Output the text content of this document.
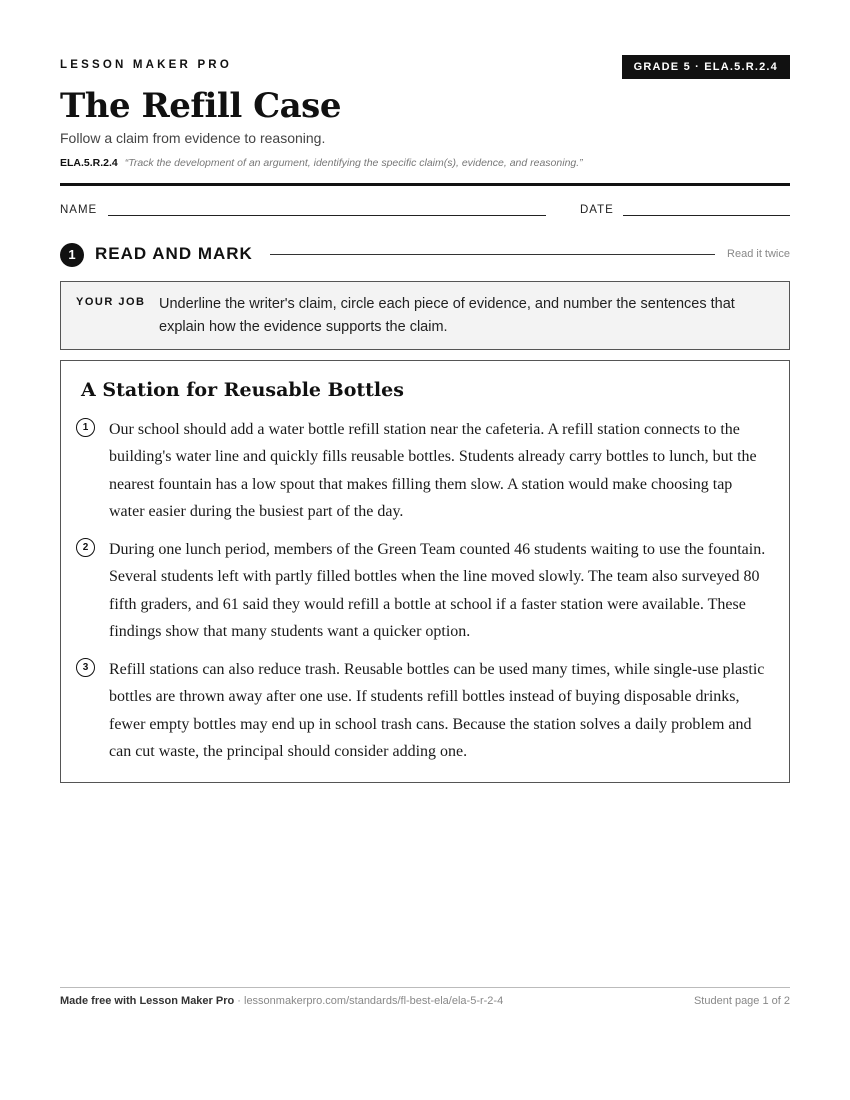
LESSON MAKER PRO	GRADE 5 · ELA.5.R.2.4
The Refill Case
Follow a claim from evidence to reasoning.
ELA.5.R.2.4 “Track the development of an argument, identifying the specific claim(s), evidence, and reasoning.”
NAME	DATE
1	READ AND MARK	Read it twice
YOUR JOB Underline the writer's claim, circle each piece of evidence, and number the sentences that explain how the evidence supports the claim.
A Station for Reusable Bottles
1	Our school should add a water bottle refill station near the cafeteria. A refill station connects to the building's water line and quickly fills reusable bottles. Students already carry bottles to lunch, but the nearest fountain has a low spout that makes filling them slow. A station would make choosing tap water easier during the busiest part of the day.

2	During one lunch period, members of the Green Team counted 46 students waiting to use the fountain. Several students left with partly filled bottles when the line moved slowly. The team also surveyed 80 fifth graders, and 61 said they would refill a bottle at school if a faster station were available. These findings show that many students want a quicker option.

3	Refill stations can also reduce trash. Reusable bottles can be used many times, while single-use plastic bottles are thrown away after one use. If students refill bottles instead of buying disposable drinks, fewer empty bottles may end up in school trash cans. Because the station solves a daily problem and can cut waste, the principal should consider adding one.

Made free with Lesson Maker Pro · lessonmakerpro.com/standards/fl-best-ela/ela-5-r-2-4	Student page 1 of 2
